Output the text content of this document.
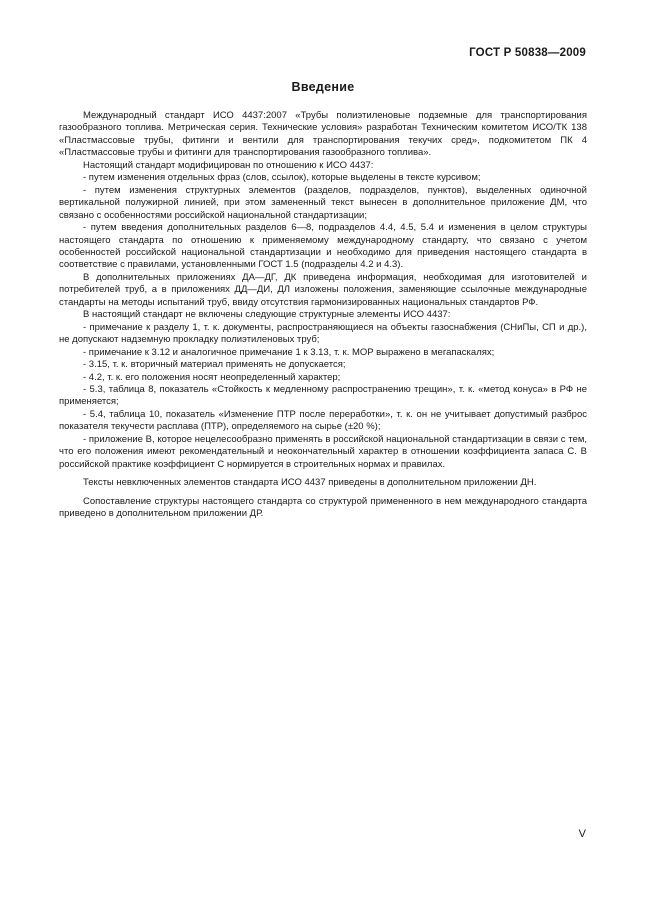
ГОСТ Р 50838—2009
Введение

Международный стандарт ИСО 4437:2007 «Трубы полиэтиленовые подземные для транспортирования газообразного топлива. Метрическая серия. Технические условия» разработан Техническим комитетом ИСО/ТК 138 «Пластмассовые трубы, фитинги и вентили для транспортирования текучих сред», подкомитетом ПК 4 «Пластмассовые трубы и фитинги для транспортирования газообразного топлива».

Настоящий стандарт модифицирован по отношению к ИСО 4437:

- путем изменения отдельных фраз (слов, ссылок), которые выделены в тексте курсивом;

- путем изменения структурных элементов (разделов, подразделов, пунктов), выделенных одиночной вертикальной полужирной линией, при этом замененный текст вынесен в дополнительное приложение ДМ, что связано с особенностями российской национальной стандартизации;

- путем введения дополнительных разделов 6—8, подразделов 4.4, 4.5, 5.4 и изменения в целом структуры настоящего стандарта по отношению к применяемому международному стандарту, что связано с учетом особенностей российской национальной стандартизации и необходимо для приведения настоящего стандарта в соответствие с правилами, установленными ГОСТ 1.5 (подразделы 4.2 и 4.3).

В дополнительных приложениях ДА—ДГ, ДК приведена информация, необходимая для изготовителей и потребителей труб, а в приложениях ДД—ДИ, ДЛ изложены положения, заменяющие ссылочные международные стандарты на методы испытаний труб, ввиду отсутствия гармонизированных национальных стандартов РФ.

В настоящий стандарт не включены следующие структурные элементы ИСО 4437:

- примечание к разделу 1, т. к. документы, распространяющиеся на объекты газоснабжения (СНиПы, СП и др.), не допускают надземную прокладку полиэтиленовых труб;

- примечание к 3.12 и аналогичное примечание 1 к 3.13, т. к. MOP выражено в мегапаскалях;

- 3.15, т. к. вторичный материал применять не допускается;

- 4.2, т. к. его положения носят неопределенный характер;

- 5.3, таблица 8, показатель «Стойкость к медленному распространению трещин», т. к. «метод конуса» в РФ не применяется;

- 5.4, таблица 10, показатель «Изменение ПТР после переработки», т. к. он не учитывает допустимый разброс показателя текучести расплава (ПТР), определяемого на сырье (±20 %);

- приложение В, которое нецелесообразно применять в российской национальной стандартизации в связи с тем, что его положения имеют рекомендательный и неокончательный характер в отношении коэффициента запаса С. В российской практике коэффициент С нормируется в строительных нормах и правилах.

Тексты невключенных элементов стандарта ИСО 4437 приведены в дополнительном приложении ДН.

Сопоставление структуры настоящего стандарта со структурой примененного в нем международного стандарта приведено в дополнительном приложении ДР.

V
